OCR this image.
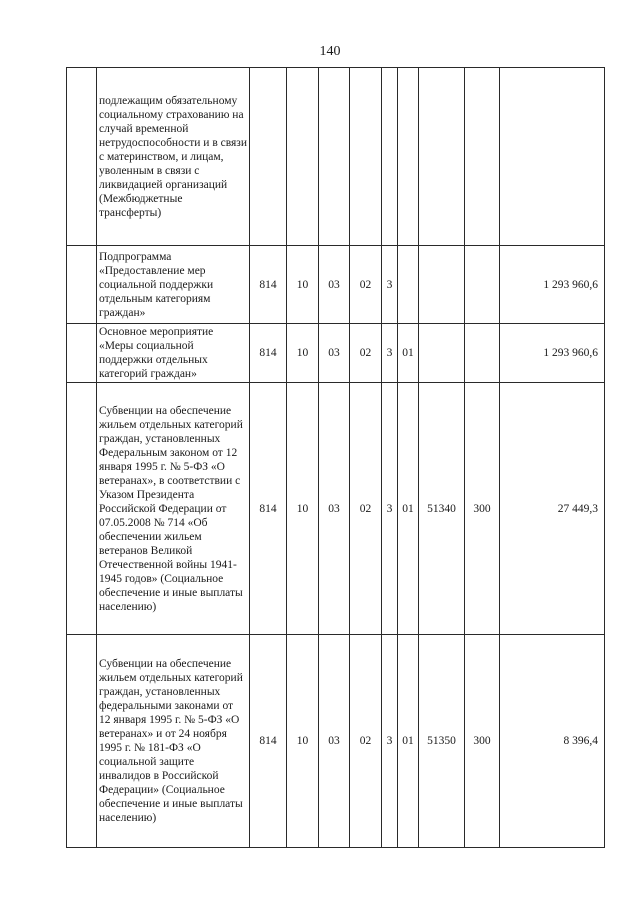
140
	подлежащим обязательному социальному страхованию на случай временной нетрудоспособности и в связи с материнством, и лицам, уволенным в связи с ликвидацией организаций (Межбюджетные трансферты)									
	Подпрограмма «Предоставление мер социальной поддержки отдельным категориям граждан»	814	10	03	02	3				1 293 960,6
	Основное мероприятие «Меры социальной поддержки отдельных категорий граждан»	814	10	03	02	3	01			1 293 960,6
	Субвенции на обеспечение жильем отдельных категорий граждан, установленных Федеральным законом от 12 января 1995 г. № 5-ФЗ «О ветеранах», в соответствии с Указом Президента Российской Федерации от 07.05.2008 № 714 «Об обеспечении жильем ветеранов Великой Отечественной войны 1941-1945 годов» (Социальное обеспечение и иные выплаты населению)	814	10	03	02	3	01	51340	300	27 449,3
	Субвенции на обеспечение жильем отдельных категорий граждан, установленных федеральными законами от 12 января 1995 г. № 5-ФЗ «О ветеранах» и от 24 ноября 1995 г. № 181-ФЗ «О социальной защите инвалидов в Российской Федерации» (Социальное обеспечение и иные выплаты населению)	814	10	03	02	3	01	51350	300	8 396,4
